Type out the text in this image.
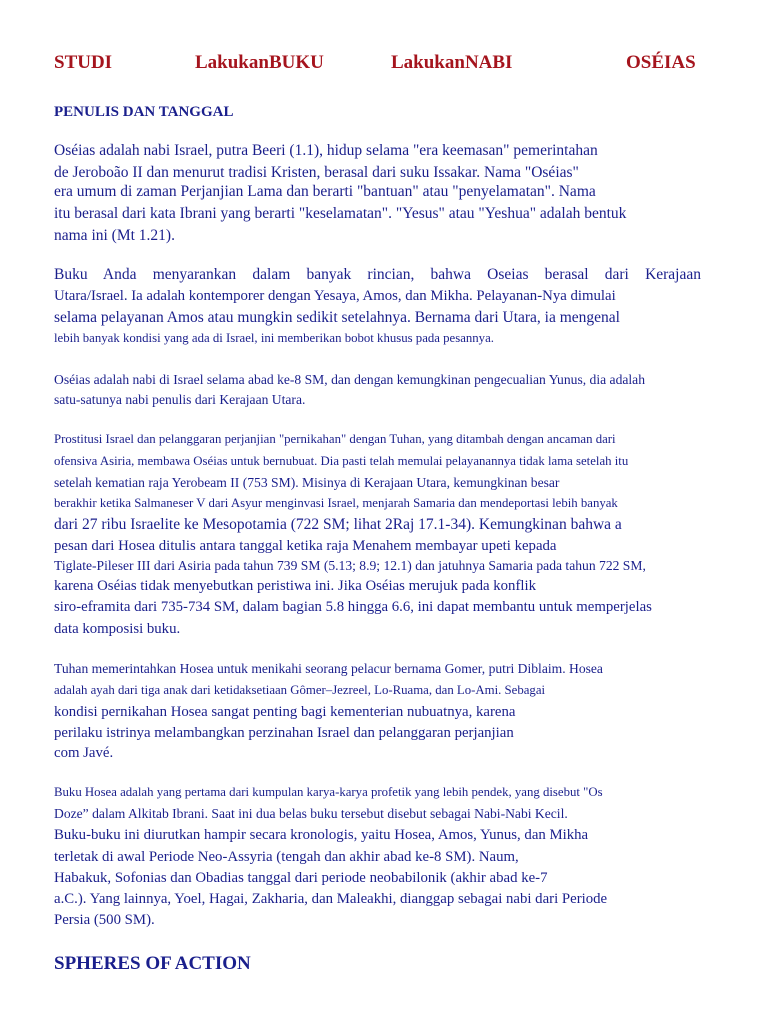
STUDI	LakukanBUKU	LakukanNABI	OSÉIAS
PENULIS DAN TANGGAL
Oséias adalah nabi Israel, putra Beeri (1.1), hidup selama "era keemasan" pemerintahan
de Jeroboão II dan menurut tradisi Kristen, berasal dari suku Issakar. Nama "Oséias"
era umum di zaman Perjanjian Lama dan berarti "bantuan" atau "penyelamatan". Nama
itu berasal dari kata Ibrani yang berarti "keselamatan". "Yesus" atau "Yeshua" adalah bentuk
nama ini (Mt 1.21).
Buku Anda menyarankan dalam banyak rincian, bahwa Oseias berasal dari Kerajaan
Utara/Israel. Ia adalah kontemporer dengan Yesaya, Amos, dan Mikha. Pelayanan-Nya dimulai
selama pelayanan Amos atau mungkin sedikit setelahnya. Bernama dari Utara, ia mengenal
lebih banyak kondisi yang ada di Israel, ini memberikan bobot khusus pada pesannya.
Oséias adalah nabi di Israel selama abad ke-8 SM, dan dengan kemungkinan pengecualian Yunus, dia adalah
satu-satunya nabi penulis dari Kerajaan Utara.
Prostitusi Israel dan pelanggaran perjanjian "pernikahan" dengan Tuhan, yang ditambah dengan ancaman dari
ofensiva Asiria, membawa Oséias untuk bernubuat. Dia pasti telah memulai pelayanannya tidak lama setelah itu
setelah kematian raja Yerobeam II (753 SM). Misinya di Kerajaan Utara, kemungkinan besar
berakhir ketika Salmaneser V dari Asyur menginvasi Israel, menjarah Samaria dan mendeportasi lebih banyak
dari 27 ribu Israelite ke Mesopotamia (722 SM; lihat 2Raj 17.1-34). Kemungkinan bahwa a
pesan dari Hosea ditulis antara tanggal ketika raja Menahem membayar upeti kepada
Tiglate-Pileser III dari Asiria pada tahun 739 SM (5.13; 8.9; 12.1) dan jatuhnya Samaria pada tahun 722 SM,
karena Oséias tidak menyebutkan peristiwa ini. Jika Oséias merujuk pada konflik
siro-eframita dari 735-734 SM, dalam bagian 5.8 hingga 6.6, ini dapat membantu untuk memperjelas
data komposisi buku.
Tuhan memerintahkan Hosea untuk menikahi seorang pelacur bernama Gomer, putri Diblaim. Hosea
adalah ayah dari tiga anak dari ketidaksetiaan Gômer–Jezreel, Lo-Ruama, dan Lo-Ami. Sebagai
kondisi pernikahan Hosea sangat penting bagi kementerian nubuatnya, karena
perilaku istrinya melambangkan perzinahan Israel dan pelanggaran perjanjian
com Javé.
Buku Hosea adalah yang pertama dari kumpulan karya-karya profetik yang lebih pendek, yang disebut "Os
Doze” dalam Alkitab Ibrani. Saat ini dua belas buku tersebut disebut sebagai Nabi-Nabi Kecil.
Buku-buku ini diurutkan hampir secara kronologis, yaitu Hosea, Amos, Yunus, dan Mikha
terletak di awal Periode Neo-Assyria (tengah dan akhir abad ke-8 SM). Naum,
Habakuk, Sofonias dan Obadias tanggal dari periode neobabilonik (akhir abad ke-7
a.C.). Yang lainnya, Yoel, Hagai, Zakharia, dan Maleakhi, dianggap sebagai nabi dari Periode
Persia (500 SM).
SPHERES OF ACTION
